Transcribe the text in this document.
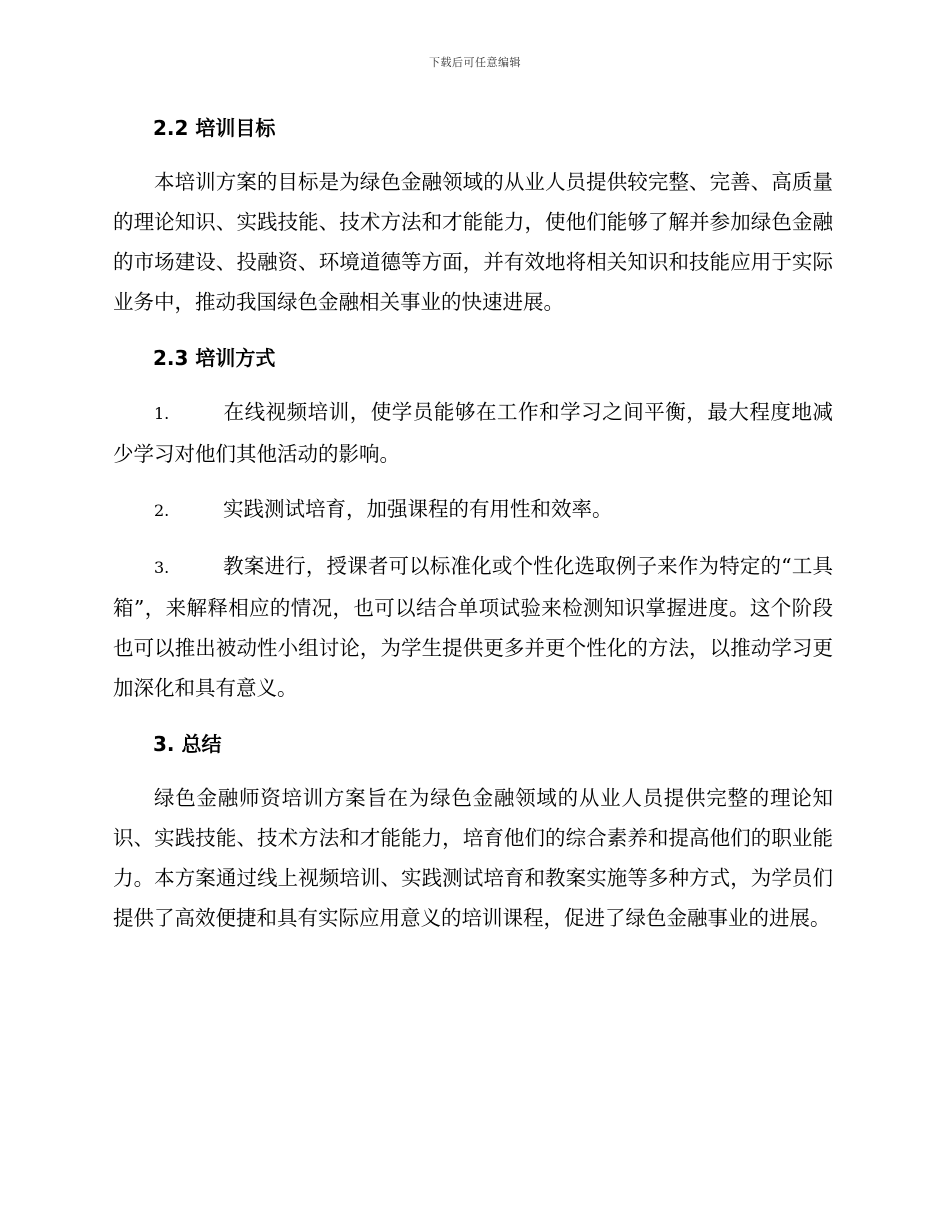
下载后可任意编辑
2.2 培训目标

本培训方案的目标是为绿色金融领域的从业人员提供较完整、完善、高质量的理论知识、实践技能、技术方法和才能能力，使他们能够了解并参加绿色金融的市场建设、投融资、环境道德等方面，并有效地将相关知识和技能应用于实际业务中，推动我国绿色金融相关事业的快速进展。

2.3 培训方式

1.	在线视频培训，使学员能够在工作和学习之间平衡，最大程度地减少学习对他们其他活动的影响。

2.	实践测试培育，加强课程的有用性和效率。

3.	教案进行，授课者可以标准化或个性化选取例子来作为特定的“工具箱”，来解释相应的情况，也可以结合单项试验来检测知识掌握进度。这个阶段也可以推出被动性小组讨论，为学生提供更多并更个性化的方法，以推动学习更加深化和具有意义。

3. 总结

绿色金融师资培训方案旨在为绿色金融领域的从业人员提供完整的理论知识、实践技能、技术方法和才能能力，培育他们的综合素养和提高他们的职业能力。本方案通过线上视频培训、实践测试培育和教案实施等多种方式，为学员们提供了高效便捷和具有实际应用意义的培训课程，促进了绿色金融事业的进展。
